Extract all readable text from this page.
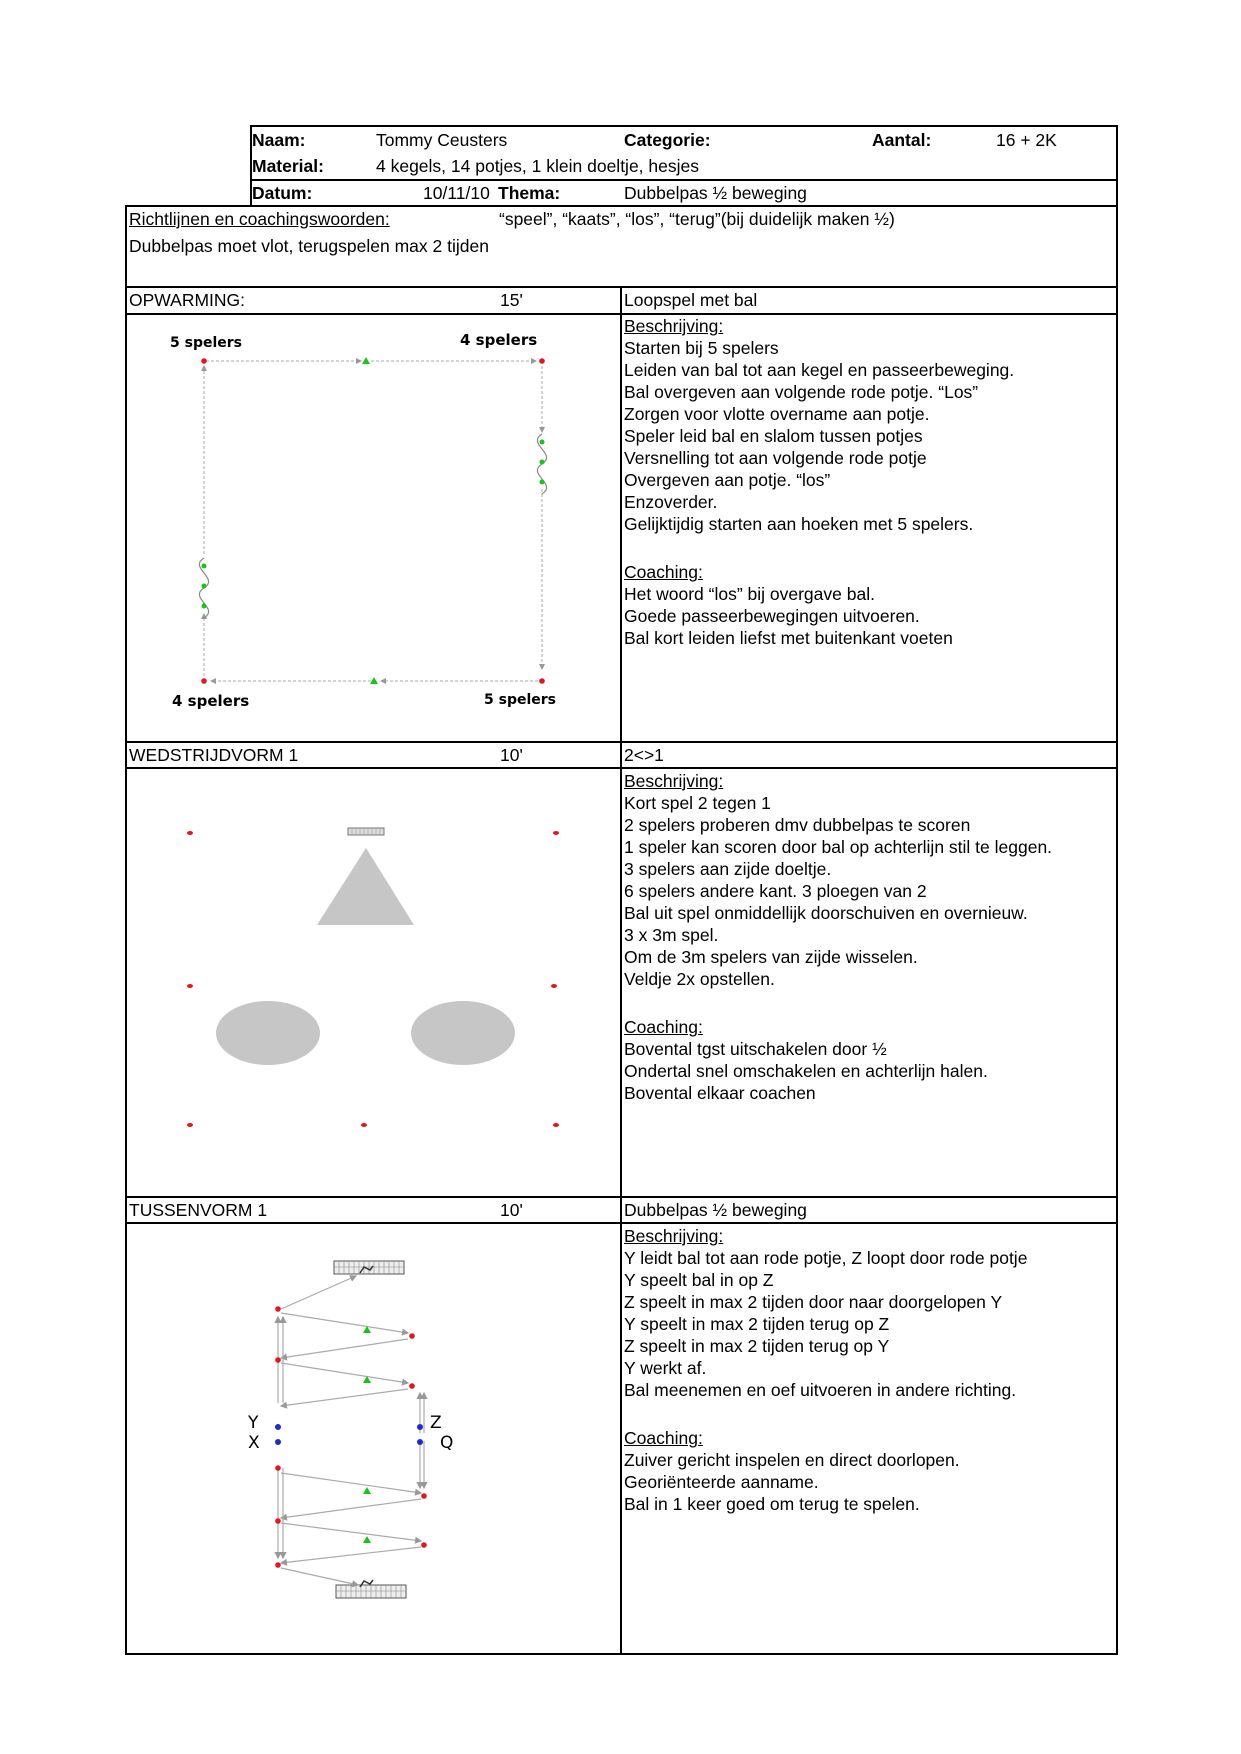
Naam:	Tommy Ceusters	Categorie:	Aantal:	16 + 2K
Material:	4 kegels, 14 potjes, 1 klein doeltje, hesjes
Datum:	10/11/10 Thema:	Dubbelpas ½ beweging
Richtlijnen en coachingswoorden:	“speel”, “kaats”, “los”, “terug”(bij duidelijk maken ½)
Dubbelpas moet vlot, terugspelen max 2 tijden
OPWARMING:	15'	Loopspel met bal
Beschrijving:
Starten bij 5 spelers
Leiden van bal tot aan kegel en passeerbeweging.
Bal overgeven aan volgende rode potje. “Los”
Zorgen voor vlotte overname aan potje.
Speler leid bal en slalom tussen potjes
Versnelling tot aan volgende rode potje
Overgeven aan potje. “los”
Enzoverder.
Gelijktijdig starten aan hoeken met 5 spelers.
Coaching:
Het woord “los” bij overgave bal.
Goede passeerbewegingen uitvoeren.
Bal kort leiden liefst met buitenkant voeten
5 spelers	4 spelers
4 spelers	5 spelers
WEDSTRIJDVORM 1	10'	2<>1
Beschrijving:
Kort spel 2 tegen 1
2 spelers proberen dmv dubbelpas te scoren
1 speler kan scoren door bal op achterlijn stil te leggen.
3 spelers aan zijde doeltje.
6 spelers andere kant. 3 ploegen van 2
Bal uit spel onmiddellijk doorschuiven en overnieuw.
3 x 3m spel.
Om de 3m spelers van zijde wisselen.
Veldje 2x opstellen.
Coaching:
Bovental tgst uitschakelen door ½
Ondertal snel omschakelen en achterlijn halen.
Bovental elkaar coachen
TUSSENVORM 1	10'	Dubbelpas ½ beweging
Beschrijving:
Y leidt bal tot aan rode potje, Z loopt door rode potje
Y speelt bal in op Z
Z speelt in max 2 tijden door naar doorgelopen Y
Y speelt in max 2 tijden terug op Z
Z speelt in max 2 tijden terug op Y
Y werkt af.
Bal meenemen en oef uitvoeren in andere richting.
Coaching:
Zuiver gericht inspelen en direct doorlopen.
Georiënteerde aanname.
Bal in 1 keer goed om terug te spelen.
Y
X
Z
Q
